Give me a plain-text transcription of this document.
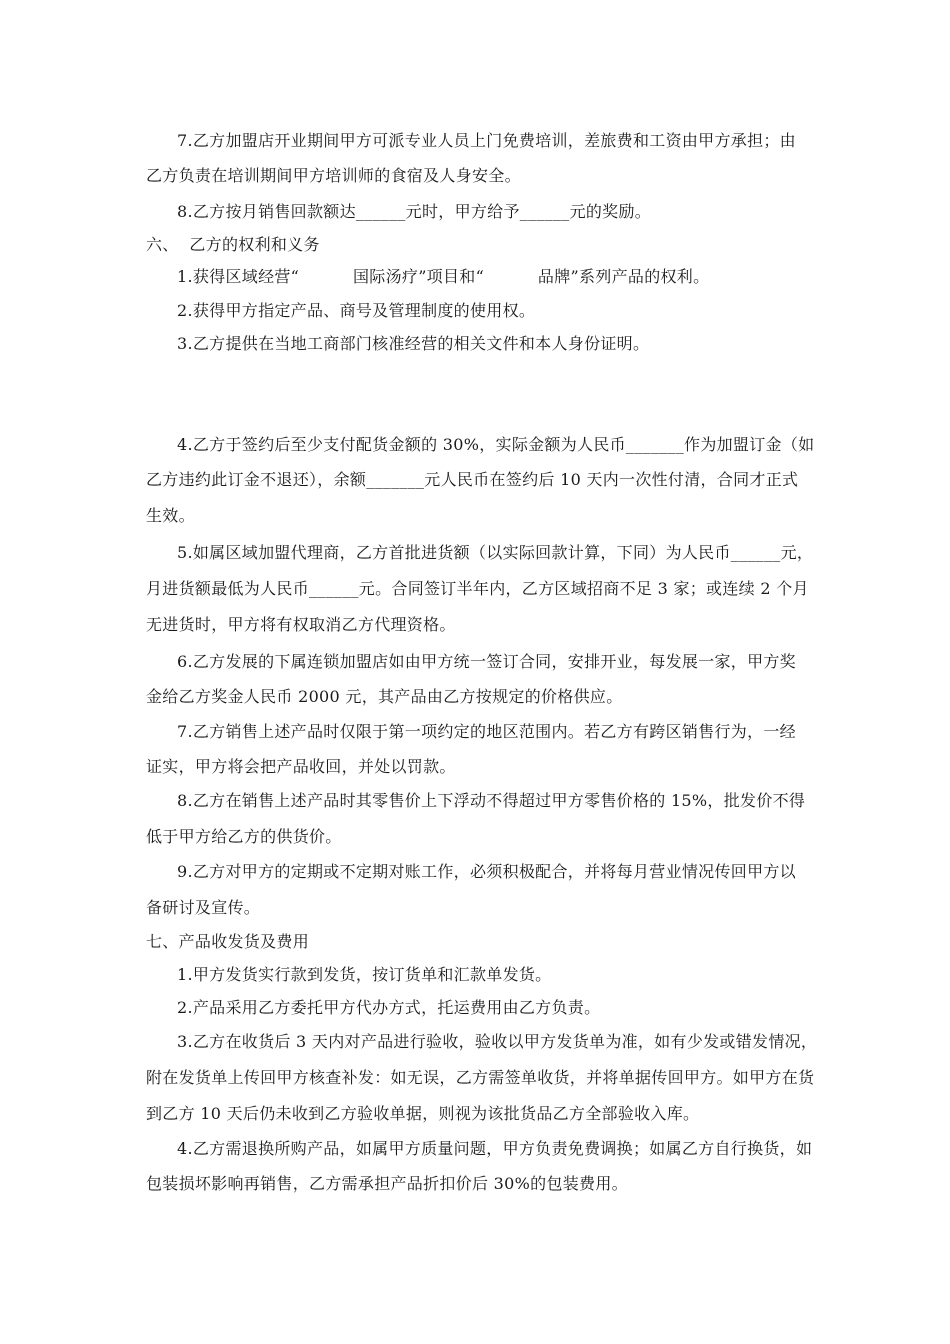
7.乙方加盟店开业期间甲方可派专业人员上门免费培训，差旅费和工资由甲方承担；由
乙方负责在培训期间甲方培训师的食宿及人身安全。
8.乙方按月销售回款额达______元时，甲方给予______元的奖励。
六、  乙方的权利和义务
1.获得区域经营“          国际汤疗”项目和“          品牌”系列产品的权利。
2.获得甲方指定产品、商号及管理制度的使用权。
3.乙方提供在当地工商部门核准经营的相关文件和本人身份证明。
4.乙方于签约后至少支付配货金额的 30%，实际金额为人民币_______作为加盟订金（如
乙方违约此订金不退还），余额_______元人民币在签约后 10 天内一次性付清，合同才正式
生效。
5.如属区域加盟代理商，乙方首批进货额（以实际回款计算，下同）为人民币______元，
月进货额最低为人民币______元。合同签订半年内，乙方区域招商不足 3 家；或连续 2 个月
无进货时，甲方将有权取消乙方代理资格。
6.乙方发展的下属连锁加盟店如由甲方统一签订合同，安排开业，每发展一家，甲方奖
金给乙方奖金人民币 2000 元，其产品由乙方按规定的价格供应。
7.乙方销售上述产品时仅限于第一项约定的地区范围内。若乙方有跨区销售行为，一经
证实，甲方将会把产品收回，并处以罚款。
8.乙方在销售上述产品时其零售价上下浮动不得超过甲方零售价格的 15%，批发价不得
低于甲方给乙方的供货价。
9.乙方对甲方的定期或不定期对账工作，必须积极配合，并将每月营业情况传回甲方以
备研讨及宣传。
七、产品收发货及费用
1.甲方发货实行款到发货，按订货单和汇款单发货。
2.产品采用乙方委托甲方代办方式，托运费用由乙方负责。
3.乙方在收货后 3 天内对产品进行验收，验收以甲方发货单为准，如有少发或错发情况，
附在发货单上传回甲方核查补发：如无误，乙方需签单收货，并将单据传回甲方。如甲方在货
到乙方 10 天后仍未收到乙方验收单据，则视为该批货品乙方全部验收入库。
4.乙方需退换所购产品，如属甲方质量问题，甲方负责免费调换；如属乙方自行换货，如
包装损坏影响再销售，乙方需承担产品折扣价后 30%的包装费用。
